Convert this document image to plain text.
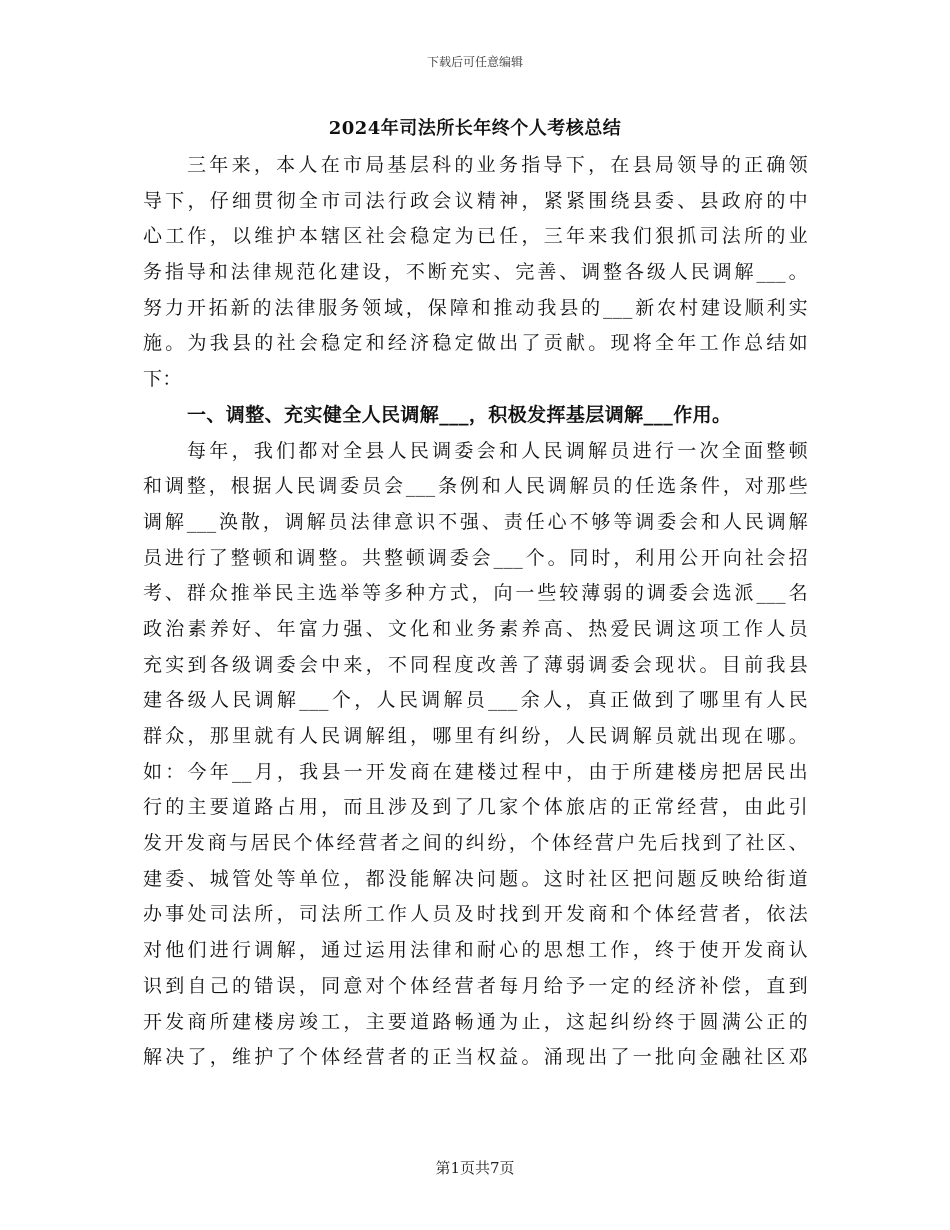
下载后可任意编辑
2024年司法所长年终个人考核总结
三年来，本人在市局基层科的业务指导下，在县局领导的正确领
导下，仔细贯彻全市司法行政会议精神，紧紧围绕县委、县政府的中
心工作，以维护本辖区社会稳定为已任，三年来我们狠抓司法所的业
务指导和法律规范化建设，不断充实、完善、调整各级人民调解___。
努力开拓新的法律服务领域，保障和推动我县的___新农村建设顺利实
施。为我县的社会稳定和经济稳定做出了贡献。现将全年工作总结如
下：
一、调整、充实健全人民调解___，积极发挥基层调解___作用。
每年，我们都对全县人民调委会和人民调解员进行一次全面整顿
和调整，根据人民调委员会___条例和人民调解员的任选条件，对那些
调解___涣散，调解员法律意识不强、责任心不够等调委会和人民调解
员进行了整顿和调整。共整顿调委会___个。同时，利用公开向社会招
考、群众推举民主选举等多种方式，向一些较薄弱的调委会选派___名
政治素养好、年富力强、文化和业务素养高、热爱民调这项工作人员
充实到各级调委会中来，不同程度改善了薄弱调委会现状。目前我县
建各级人民调解___个，人民调解员___余人，真正做到了哪里有人民
群众，那里就有人民调解组，哪里有纠纷，人民调解员就出现在哪。
如：今年__月，我县一开发商在建楼过程中，由于所建楼房把居民出
行的主要道路占用，而且涉及到了几家个体旅店的正常经营，由此引
发开发商与居民个体经营者之间的纠纷，个体经营户先后找到了社区、
建委、城管处等单位，都没能解决问题。这时社区把问题反映给街道
办事处司法所，司法所工作人员及时找到开发商和个体经营者，依法
对他们进行调解，通过运用法律和耐心的思想工作，终于使开发商认
识到自己的错误，同意对个体经营者每月给予一定的经济补偿，直到
开发商所建楼房竣工，主要道路畅通为止，这起纠纷终于圆满公正的
解决了，维护了个体经营者的正当权益。涌现出了一批向金融社区邓
第1页共7页
